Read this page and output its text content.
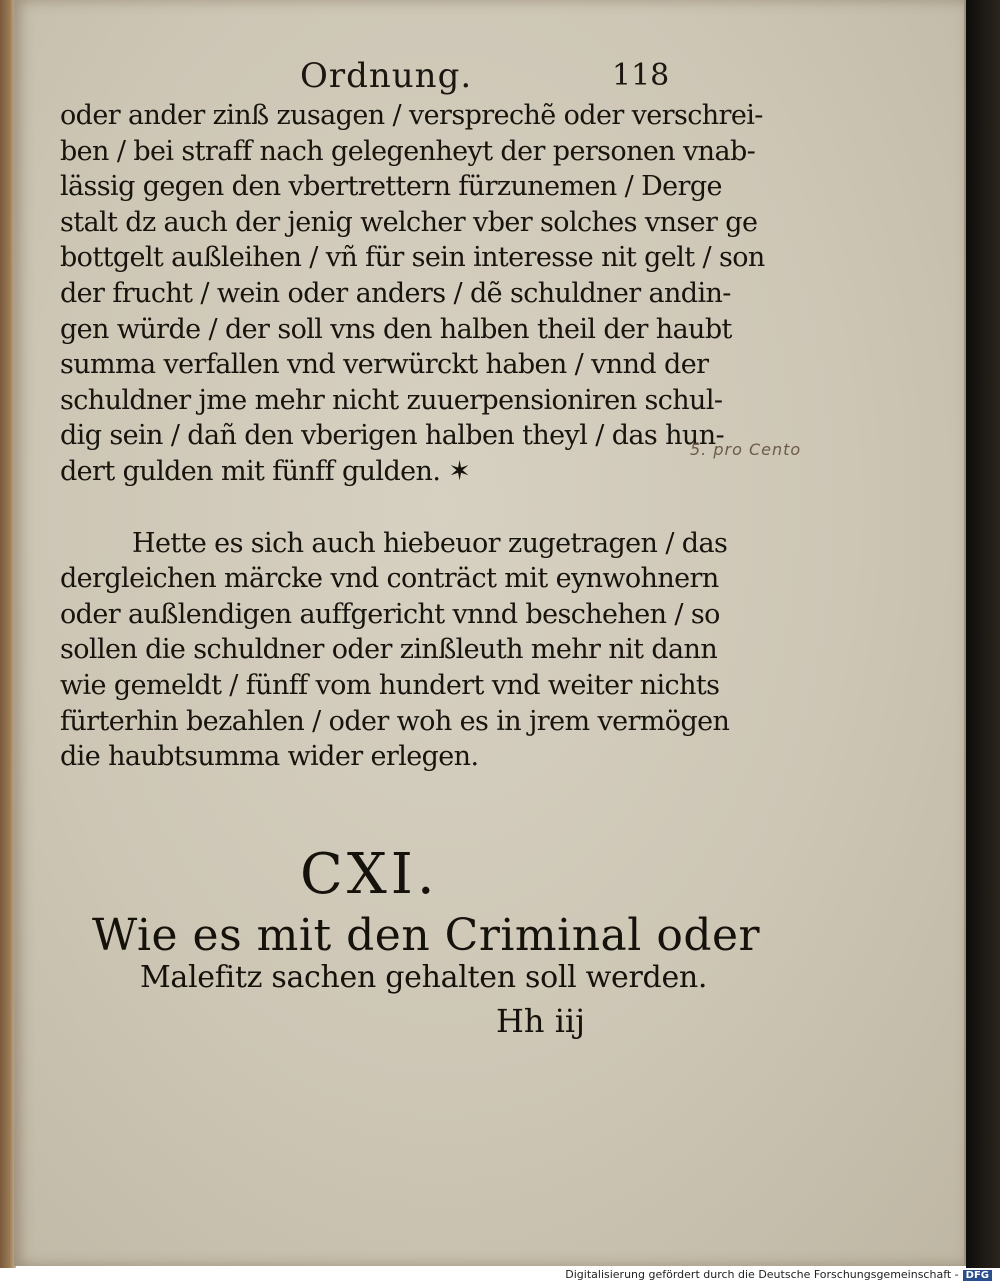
Ordnung.	118
oder ander zinß zusagen / versprechẽ oder verschrei-
ben / bei straff nach gelegenheyt der personen vnab-
lässig gegen den vbertrettern fürzunemen / Derge
stalt dz auch der jenig welcher vber solches vnser ge
bottgelt außleihen / vñ für sein interesse nit gelt / son
der frucht / wein oder anders / dẽ schuldner andin-
gen würde / der soll vns den halben theil der haubt
summa verfallen vnd verwürckt haben / vnnd der
schuldner jme mehr nicht zuuerpensioniren schul-
dig sein / dañ den vberigen halben theyl / das hun-
dert gulden mit fünff gulden. ✶
Hette es sich auch hiebeuor zugetragen / das
dergleichen märcke vnd conträct mit eynwohnern
oder außlendigen auffgericht vnnd beschehen / so
sollen die schuldner oder zinßleuth mehr nit dann
wie gemeldt / fünff vom hundert vnd weiter nichts
fürterhin bezahlen / oder woh es in jrem vermögen
die haubtsumma wider erlegen.
5. pro Cento
CXI.
Wie es mit den Criminal oder
Malefitz sachen gehalten soll werden.
Hh iij
Digitalisierung gefördert durch die Deutsche Forschungsgemeinschaft - DFG
